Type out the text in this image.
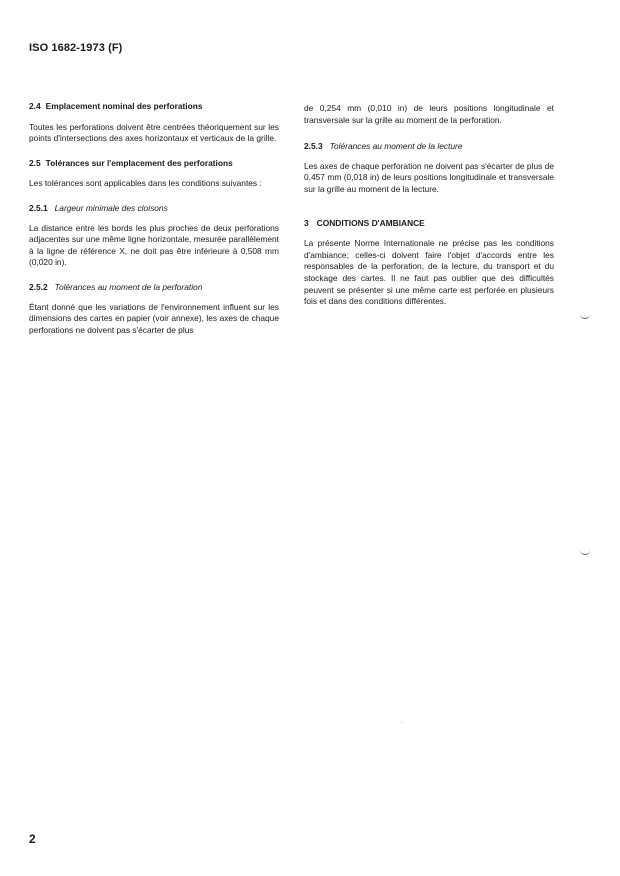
ISO 1682-1973 (F)
2.4 Emplacement nominal des perforations

Toutes les perforations doivent être centrées théoriquement sur les points d'intersections des axes horizontaux et verticaux de la grille.

2.5 Tolérances sur l'emplacement des perforations

Les tolérances sont applicables dans les conditions suivantes :

2.5.1 Largeur minimale des cloisons

La distance entre les bords les plus proches de deux perforations adjacentes sur une même ligne horizontale, mesurée parallèlement à la ligne de référence X, ne doit pas être inférieure à 0,508 mm (0,020 in).

2.5.2 Tolérances au moment de la perforation

Étant donné que les variations de l'environnement influent sur les dimensions des cartes en papier (voir annexe), les axes de chaque perforations ne doivent pas s'écarter de plus

de 0,254 mm (0,010 in) de leurs positions longitudinale et transversale sur la grille au moment de la perforation.

2.5.3 Tolérances au moment de la lecture

Les axes de chaque perforation ne doivent pas s'écarter de plus de 0,457 mm (0,018 in) de leurs positions longitudinale et transversale sur la grille au moment de la lecture.

3 CONDITIONS D'AMBIANCE

La présente Norme Internationale ne précise pas les conditions d'ambiance; celles-ci doivent faire l'objet d'accords entre les responsables de la perforation, de la lecture, du transport et du stockage des cartes. Il ne faut pas oublier que des difficultés peuvent se présenter si une même carte est perforée en plusieurs fois et dans des conditions différentes.

2
